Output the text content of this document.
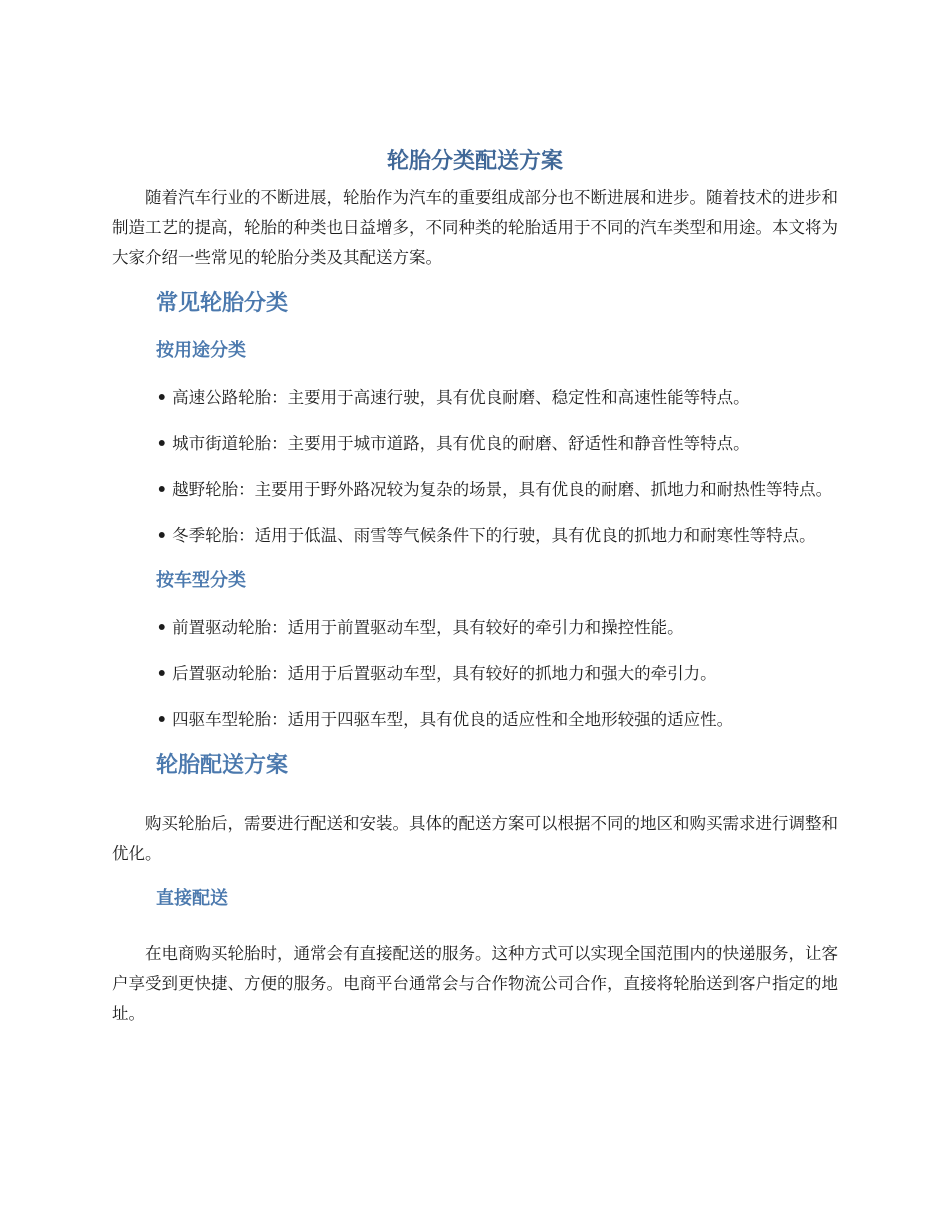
轮胎分类配送方案

随着汽车行业的不断进展，轮胎作为汽车的重要组成部分也不断进展和进步。随着技术的进步和制造工艺的提高，轮胎的种类也日益增多，不同种类的轮胎适用于不同的汽车类型和用途。本文将为大家介绍一些常见的轮胎分类及其配送方案。

常见轮胎分类
按用途分类
• 高速公路轮胎：主要用于高速行驶，具有优良耐磨、稳定性和高速性能等特点。
• 城市街道轮胎：主要用于城市道路，具有优良的耐磨、舒适性和静音性等特点。
• 越野轮胎：主要用于野外路况较为复杂的场景，具有优良的耐磨、抓地力和耐热性等特点。
• 冬季轮胎：适用于低温、雨雪等气候条件下的行驶，具有优良的抓地力和耐寒性等特点。
按车型分类
• 前置驱动轮胎：适用于前置驱动车型，具有较好的牵引力和操控性能。
• 后置驱动轮胎：适用于后置驱动车型，具有较好的抓地力和强大的牵引力。
• 四驱车型轮胎：适用于四驱车型，具有优良的适应性和全地形较强的适应性。
轮胎配送方案

购买轮胎后，需要进行配送和安装。具体的配送方案可以根据不同的地区和购买需求进行调整和优化。

直接配送

在电商购买轮胎时，通常会有直接配送的服务。这种方式可以实现全国范围内的快递服务，让客户享受到更快捷、方便的服务。电商平台通常会与合作物流公司合作，直接将轮胎送到客户指定的地址。
